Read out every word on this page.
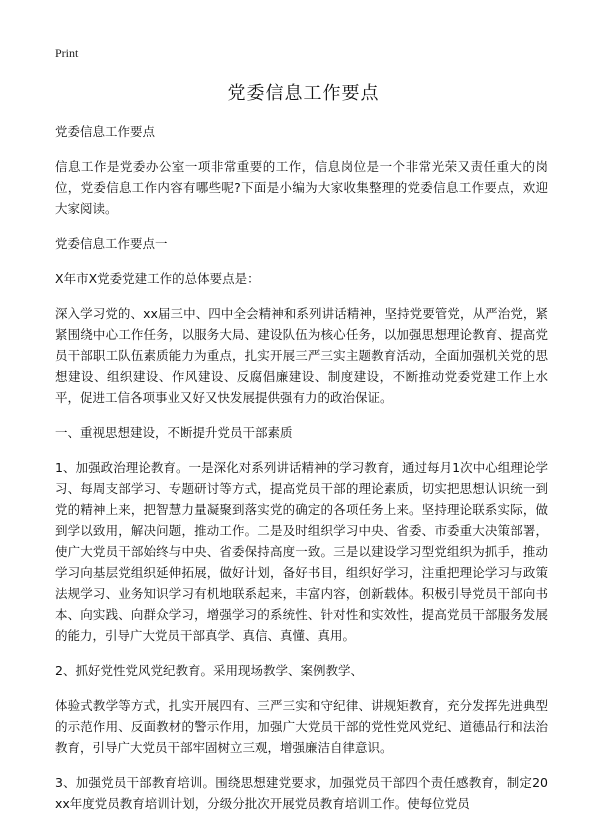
Print
党委信息工作要点

党委信息工作要点

信息工作是党委办公室一项非常重要的工作，信息岗位是一个非常光荣又责任重大的岗位，党委信息工作内容有哪些呢?下面是小编为大家收集整理的党委信息工作要点，欢迎大家阅读。

党委信息工作要点一

X年市X党委党建工作的总体要点是：

深入学习党的、xx届三中、四中全会精神和系列讲话精神，坚持党要管党，从严治党，紧紧围绕中心工作任务，以服务大局、建设队伍为核心任务，以加强思想理论教育、提高党员干部职工队伍素质能力为重点，扎实开展三严三实主题教育活动，全面加强机关党的思想建设、组织建设、作风建设、反腐倡廉建设、制度建设，不断推动党委党建工作上水平，促进工信各项事业又好又快发展提供强有力的政治保证。

一、重视思想建设，不断提升党员干部素质

1、加强政治理论教育。一是深化对系列讲话精神的学习教育，通过每月1次中心组理论学习、每周支部学习、专题研讨等方式，提高党员干部的理论素质，切实把思想认识统一到党的精神上来，把智慧力量凝聚到落实党的确定的各项任务上来。坚持理论联系实际，做到学以致用，解决问题，推动工作。二是及时组织学习中央、省委、市委重大决策部署，使广大党员干部始终与中央、省委保持高度一致。三是以建设学习型党组织为抓手，推动学习向基层党组织延伸拓展，做好计划，备好书目，组织好学习，注重把理论学习与政策法规学习、业务知识学习有机地联系起来，丰富内容，创新载体。积极引导党员干部向书本、向实践、向群众学习，增强学习的系统性、针对性和实效性，提高党员干部服务发展的能力，引导广大党员干部真学、真信、真懂、真用。

2、抓好党性党风党纪教育。采用现场教学、案例教学、

体验式教学等方式，扎实开展四有、三严三实和守纪律、讲规矩教育，充分发挥先进典型的示范作用、反面教材的警示作用，加强广大党员干部的党性党风党纪、道德品行和法治教育，引导广大党员干部牢固树立三观，增强廉洁自律意识。

3、加强党员干部教育培训。围绕思想建党要求，加强党员干部四个责任感教育，制定20xx年度党员教育培训计划，分级分批次开展党员教育培训工作。使每位党员
